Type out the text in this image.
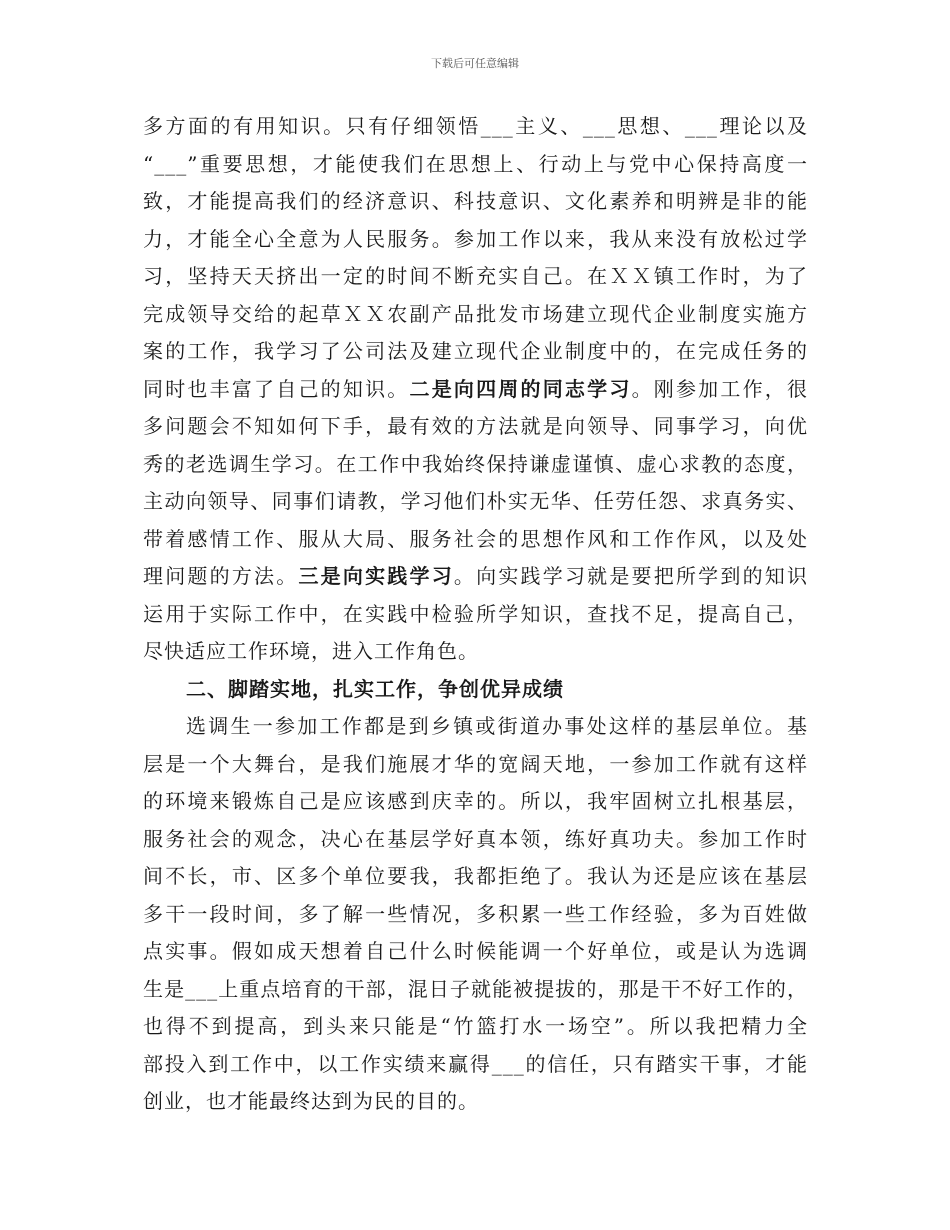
下载后可任意编辑
多方面的有用知识。只有仔细领悟___主义、___思想、___理论以及
“___”重要思想，才能使我们在思想上、行动上与党中心保持高度一
致，才能提高我们的经济意识、科技意识、文化素养和明辨是非的能
力，才能全心全意为人民服务。参加工作以来，我从来没有放松过学
习，坚持天天挤出一定的时间不断充实自己。在ＸＸ镇工作时，为了
完成领导交给的起草ＸＸ农副产品批发市场建立现代企业制度实施方
案的工作，我学习了公司法及建立现代企业制度中的，在完成任务的
同时也丰富了自己的知识。二是向四周的同志学习。刚参加工作，很
多问题会不知如何下手，最有效的方法就是向领导、同事学习，向优
秀的老选调生学习。在工作中我始终保持谦虚谨慎、虚心求教的态度，
主动向领导、同事们请教，学习他们朴实无华、任劳任怨、求真务实、
带着感情工作、服从大局、服务社会的思想作风和工作作风，以及处
理问题的方法。三是向实践学习。向实践学习就是要把所学到的知识
运用于实际工作中，在实践中检验所学知识，查找不足，提高自己，
尽快适应工作环境，进入工作角色。
二、脚踏实地，扎实工作，争创优异成绩
选调生一参加工作都是到乡镇或街道办事处这样的基层单位。基
层是一个大舞台，是我们施展才华的宽阔天地，一参加工作就有这样
的环境来锻炼自己是应该感到庆幸的。所以，我牢固树立扎根基层，
服务社会的观念，决心在基层学好真本领，练好真功夫。参加工作时
间不长，市、区多个单位要我，我都拒绝了。我认为还是应该在基层
多干一段时间，多了解一些情况，多积累一些工作经验，多为百姓做
点实事。假如成天想着自己什么时候能调一个好单位，或是认为选调
生是___上重点培育的干部，混日子就能被提拔的，那是干不好工作的，
也得不到提高，到头来只能是“竹篮打水一场空”。所以我把精力全
部投入到工作中，以工作实绩来赢得___的信任，只有踏实干事，才能
创业，也才能最终达到为民的目的。
